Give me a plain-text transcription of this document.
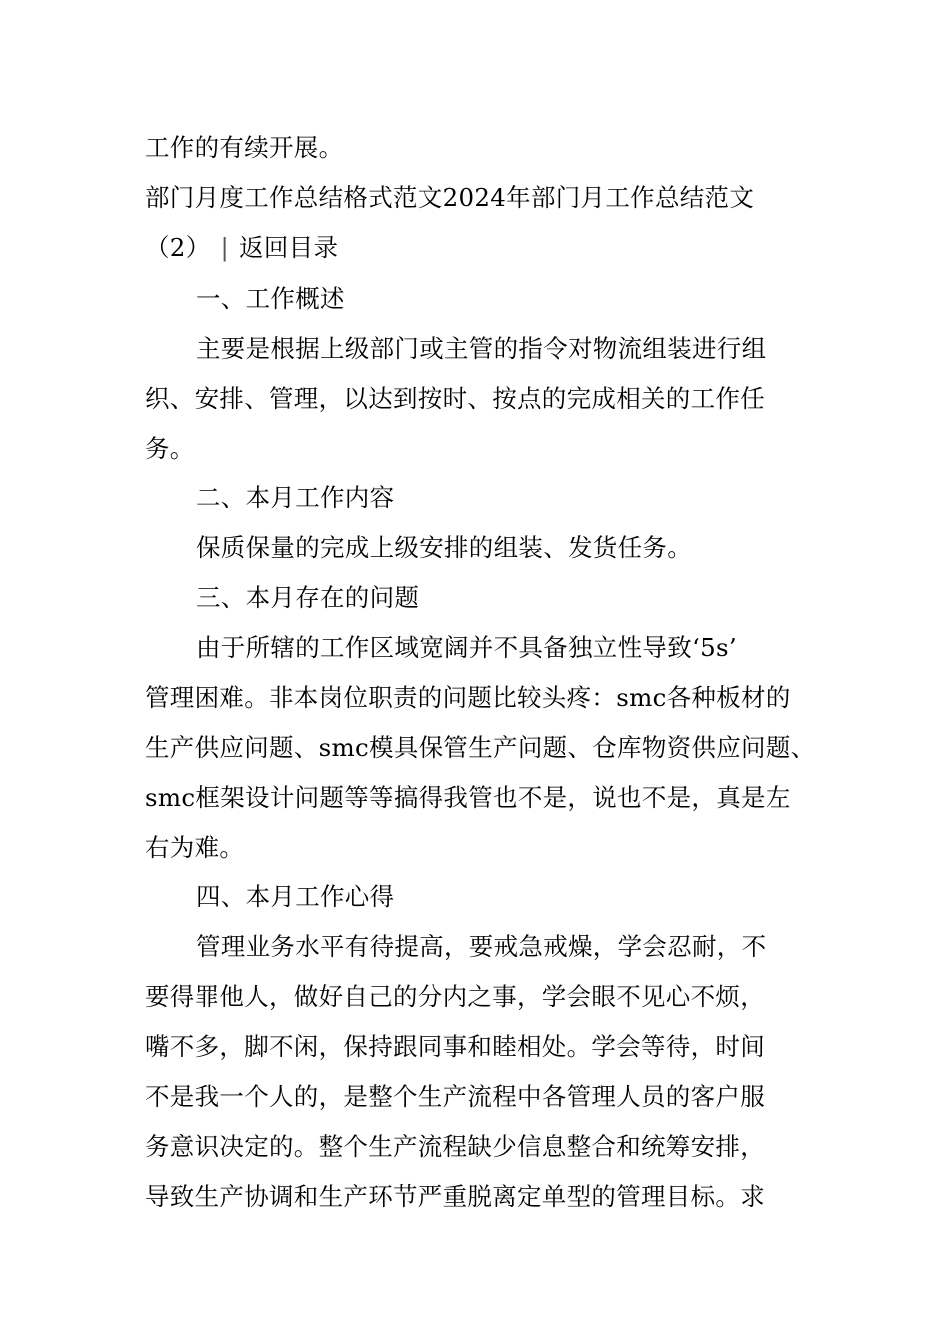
工作的有续开展。
部门月度工作总结格式范文2024年部门月工作总结范文
（2） | 返回目录
一、工作概述
主要是根据上级部门或主管的指令对物流组装进行组
织、安排、管理，以达到按时、按点的完成相关的工作任
务。
二、本月工作内容
保质保量的完成上级安排的组装、发货任务。
三、本月存在的问题
由于所辖的工作区域宽阔并不具备独立性导致‘5s’
管理困难。非本岗位职责的问题比较头疼：smc各种板材的
生产供应问题、smc模具保管生产问题、仓库物资供应问题、
smc框架设计问题等等搞得我管也不是，说也不是，真是左
右为难。
四、本月工作心得
管理业务水平有待提高，要戒急戒燥，学会忍耐，不
要得罪他人，做好自己的分内之事，学会眼不见心不烦，
嘴不多，脚不闲，保持跟同事和睦相处。学会等待，时间
不是我一个人的，是整个生产流程中各管理人员的客户服
务意识决定的。整个生产流程缺少信息整合和统筹安排，
导致生产协调和生产环节严重脱离定单型的管理目标。求
